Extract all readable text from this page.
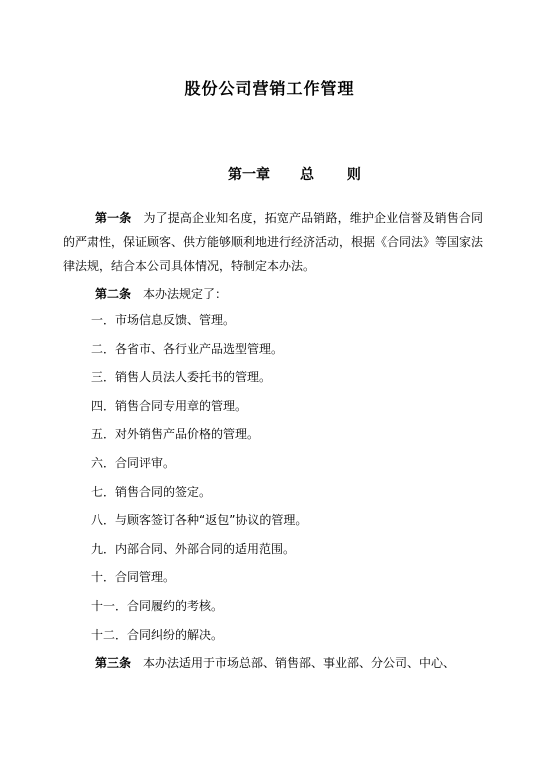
股份公司营销工作管理
第一章 总 则

第一条 为了提高企业知名度，拓宽产品销路，维护企业信誉及销售合同的严肃性，保证顾客、供方能够顺利地进行经济活动，根据《合同法》等国家法律法规，结合本公司具体情况，特制定本办法。

第二条 本办法规定了：

一．市场信息反馈、管理。

二．各省市、各行业产品选型管理。

三．销售人员法人委托书的管理。

四．销售合同专用章的管理。

五．对外销售产品价格的管理。

六．合同评审。

七．销售合同的签定。

八．与顾客签订各种“返包”协议的管理。

九．内部合同、外部合同的适用范围。

十．合同管理。

十一．合同履约的考核。

十二．合同纠纷的解决。

第三条 本办法适用于市场总部、销售部、事业部、分公司、中心、
